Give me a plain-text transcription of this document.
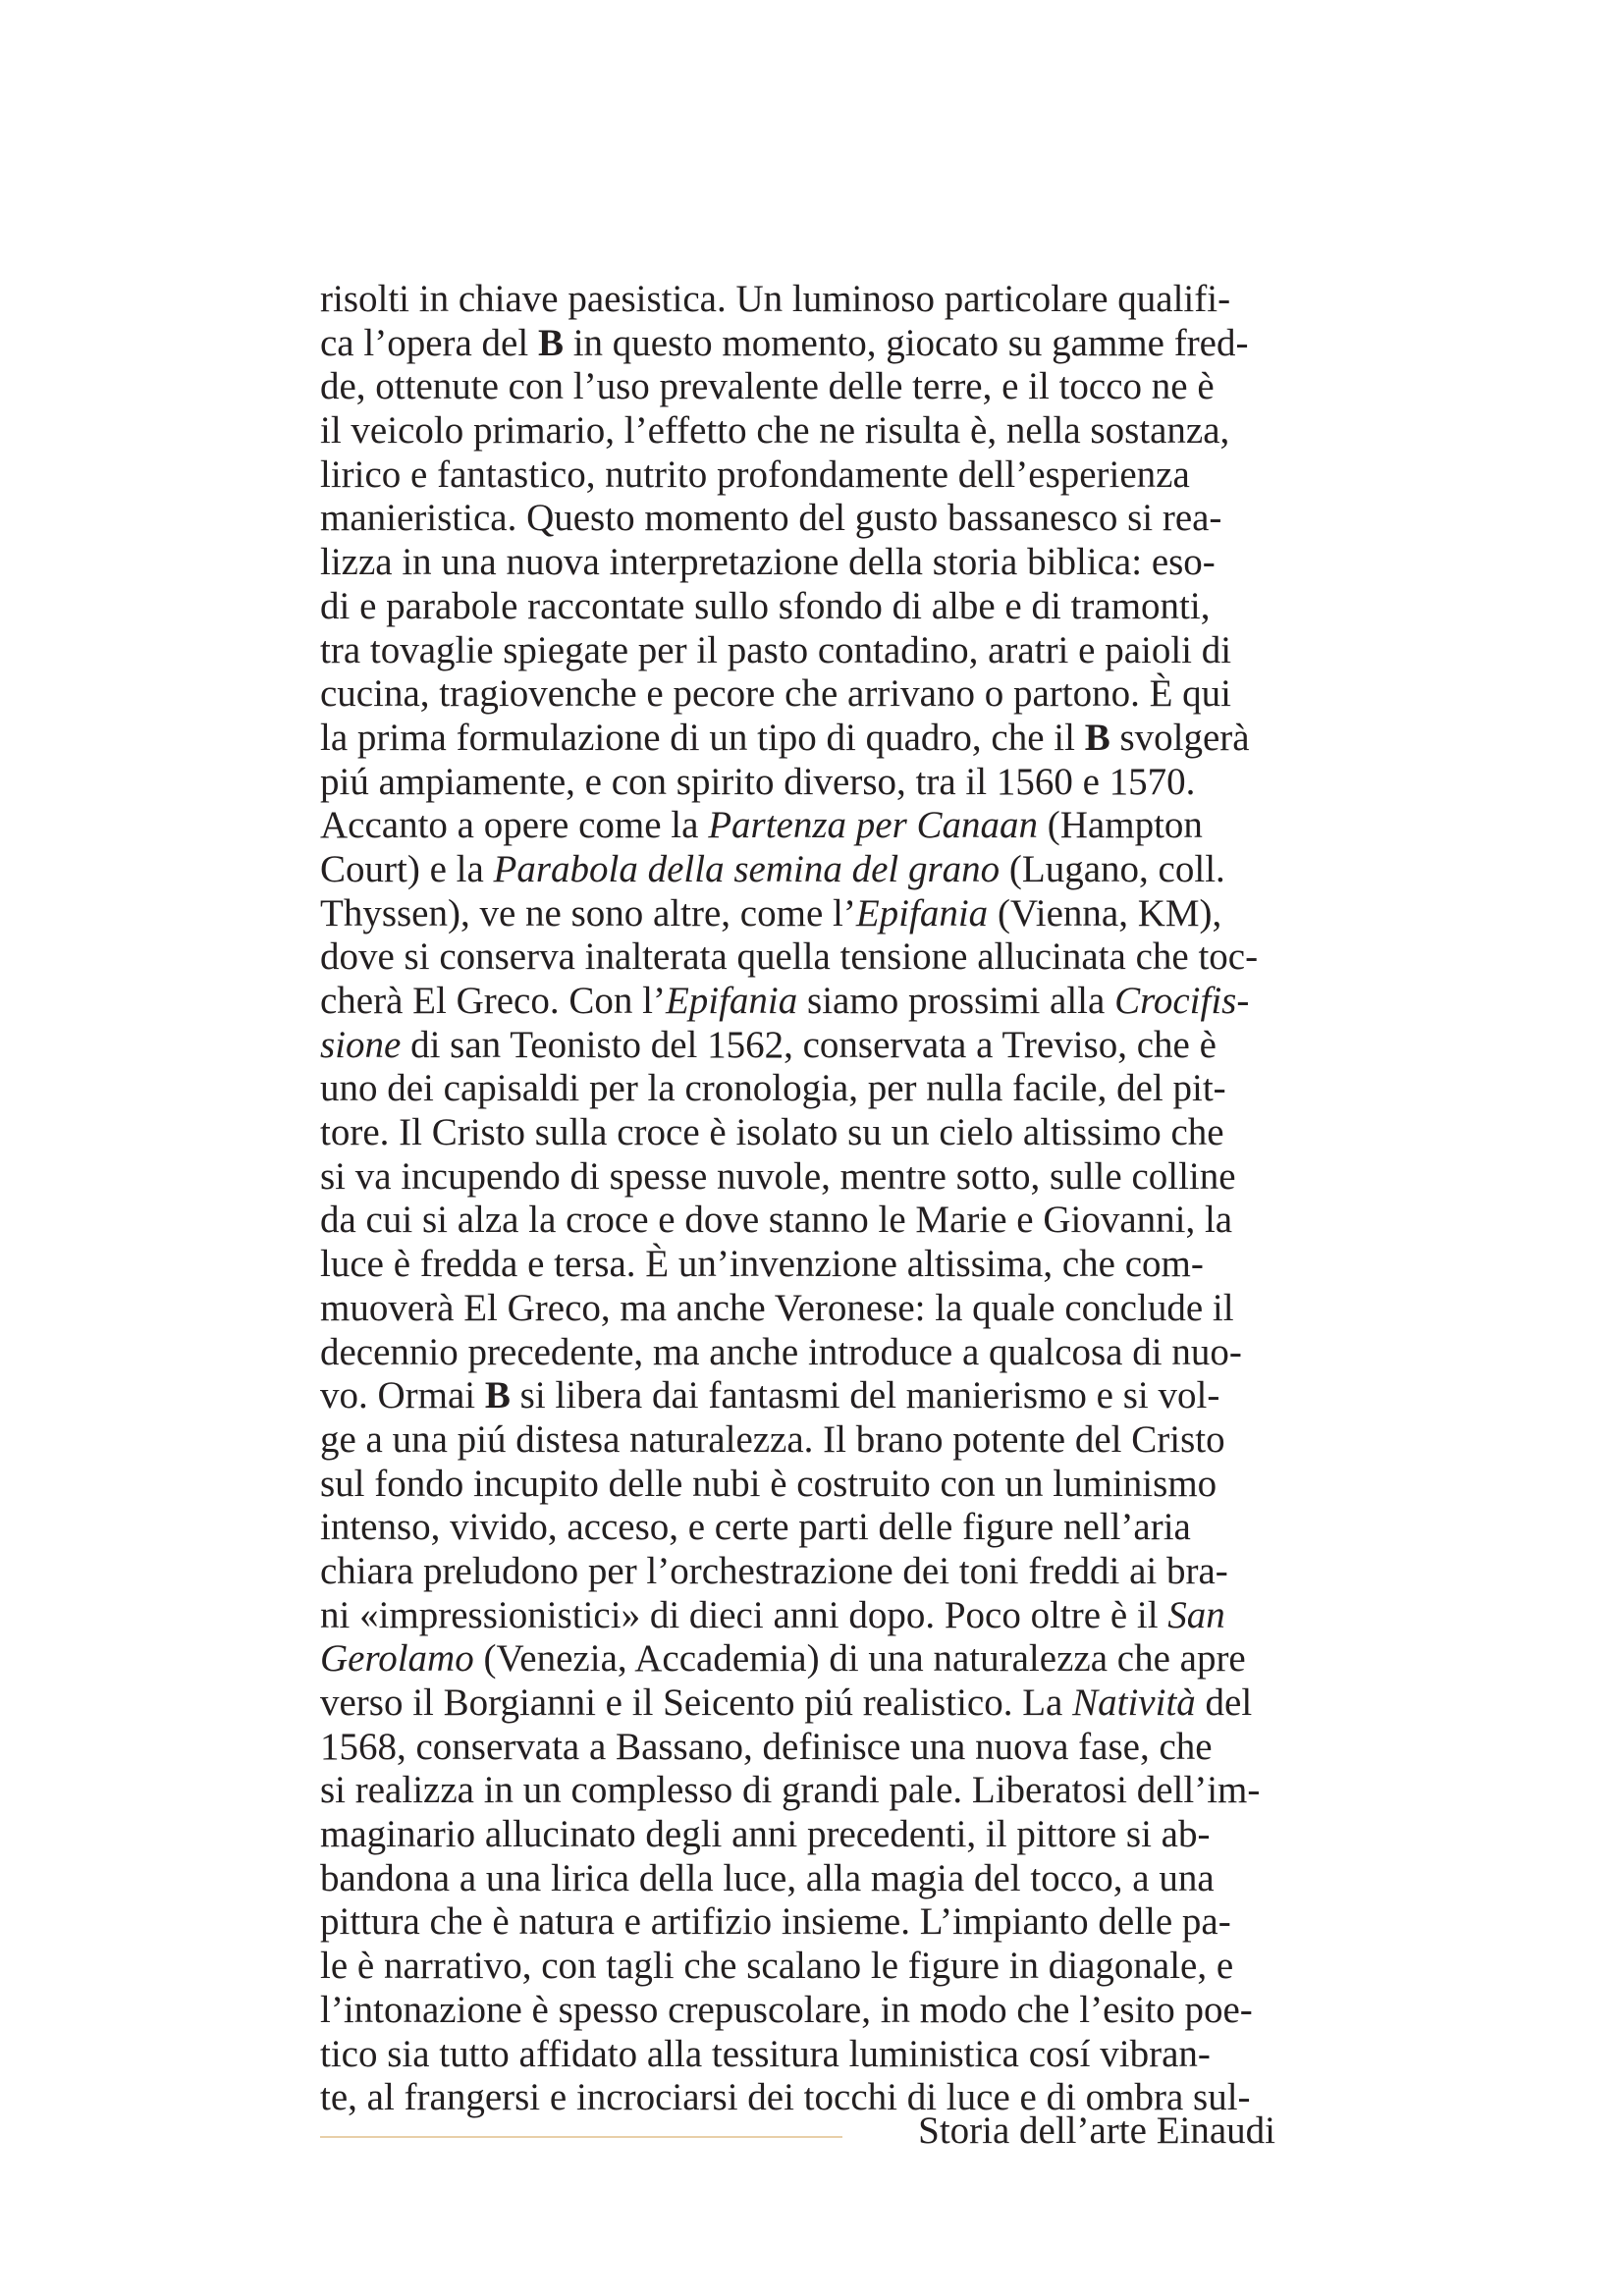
risolti in chiave paesistica. Un luminoso particolare qualifi-
ca l’opera del B in questo momento, giocato su gamme fred-
de, ottenute con l’uso prevalente delle terre, e il tocco ne è
il veicolo primario, l’effetto che ne risulta è, nella sostanza,
lirico e fantastico, nutrito profondamente dell’esperienza
manieristica. Questo momento del gusto bassanesco si rea-
lizza in una nuova interpretazione della storia biblica: eso-
di e parabole raccontate sullo sfondo di albe e di tramonti,
tra tovaglie spiegate per il pasto contadino, aratri e paioli di
cucina, tragiovenche e pecore che arrivano o partono. È qui
la prima formulazione di un tipo di quadro, che il B svolgerà
piú ampiamente, e con spirito diverso, tra il 1560 e 1570.
Accanto a opere come la Partenza per Canaan (Hampton
Court) e la Parabola della semina del grano (Lugano, coll.
Thyssen), ve ne sono altre, come l’Epifania (Vienna, KM),
dove si conserva inalterata quella tensione allucinata che toc-
cherà El Greco. Con l’Epifania siamo prossimi alla Crocifis-
sione di san Teonisto del 1562, conservata a Treviso, che è
uno dei capisaldi per la cronologia, per nulla facile, del pit-
tore. Il Cristo sulla croce è isolato su un cielo altissimo che
si va incupendo di spesse nuvole, mentre sotto, sulle colline
da cui si alza la croce e dove stanno le Marie e Giovanni, la
luce è fredda e tersa. È un’invenzione altissima, che com-
muoverà El Greco, ma anche Veronese: la quale conclude il
decennio precedente, ma anche introduce a qualcosa di nuo-
vo. Ormai B si libera dai fantasmi del manierismo e si vol-
ge a una piú distesa naturalezza. Il brano potente del Cristo
sul fondo incupito delle nubi è costruito con un luminismo
intenso, vivido, acceso, e certe parti delle figure nell’aria
chiara preludono per l’orchestrazione dei toni freddi ai bra-
ni «impressionistici» di dieci anni dopo. Poco oltre è il San
Gerolamo (Venezia, Accademia) di una naturalezza che apre
verso il Borgianni e il Seicento piú realistico. La Natività del
1568, conservata a Bassano, definisce una nuova fase, che
si realizza in un complesso di grandi pale. Liberatosi dell’im-
maginario allucinato degli anni precedenti, il pittore si ab-
bandona a una lirica della luce, alla magia del tocco, a una
pittura che è natura e artifizio insieme. L’impianto delle pa-
le è narrativo, con tagli che scalano le figure in diagonale, e
l’intonazione è spesso crepuscolare, in modo che l’esito poe-
tico sia tutto affidato alla tessitura luministica cosí vibran-
te, al frangersi e incrociarsi dei tocchi di luce e di ombra sul-
Storia dell’arte Einaudi
